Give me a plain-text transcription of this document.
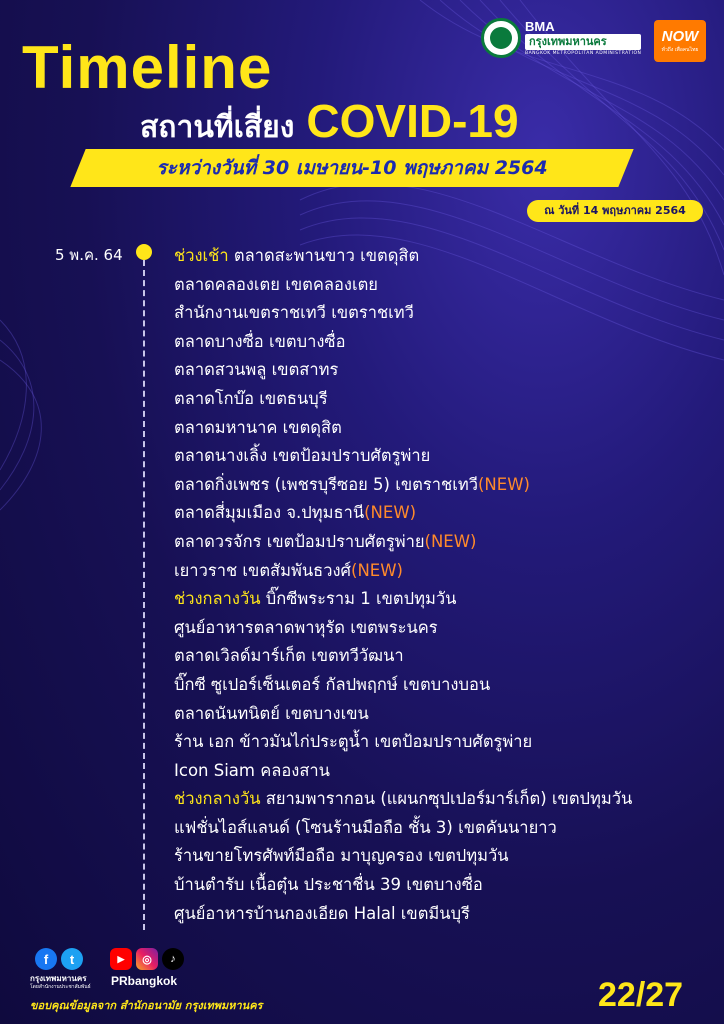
Timeline
สถานที่เสี่ยง COVID-19
ระหว่างวันที่ 30 เมษายน-10 พฤษภาคม 2564
ณ วันที่ 14 พฤษภาคม 2564
BMA
กรุงเทพมหานคร
BANGKOK METROPOLITAN ADMINISTRATION
NOW
ทั่วถึง เพื่อคนไทย
5 พ.ค. 64	ช่วงเช้า ตลาดสะพานขาว เขตดุสิต
ตลาดคลองเตย เขตคลองเตย
สำนักงานเขตราชเทวี เขตราชเทวี
ตลาดบางซื่อ เขตบางซื่อ
ตลาดสวนพลู เขตสาทร
ตลาดโกบ๊อ เขตธนบุรี
ตลาดมหานาค เขตดุสิต
ตลาดนางเลิ้ง เขตป้อมปราบศัตรูพ่าย
ตลาดกิ่งเพชร (เพชรบุรีซอย 5) เขตราชเทวี(NEW)
ตลาดสี่มุมเมือง จ.ปทุมธานี(NEW)
ตลาดวรจักร เขตป้อมปราบศัตรูพ่าย(NEW)
เยาวราช เขตสัมพันธวงศ์(NEW)
ช่วงกลางวัน บิ๊กซีพระราม 1 เขตปทุมวัน
ศูนย์อาหารตลาดพาหุรัด เขตพระนคร
ตลาดเวิลด์มาร์เก็ต เขตทวีวัฒนา
บิ๊กซี ซูเปอร์เซ็นเตอร์ กัลปพฤกษ์ เขตบางบอน
ตลาดนันทนิตย์ เขตบางเขน
ร้าน เอก ข้าวมันไก่ประตูน้ำ เขตป้อมปราบศัตรูพ่าย
Icon Siam คลองสาน
ช่วงกลางวัน สยามพารากอน (แผนกซุปเปอร์มาร์เก็ต) เขตปทุมวัน
แฟชั่นไอส์แลนด์ (โซนร้านมือถือ ชั้น 3) เขตคันนายาว
ร้านขายโทรศัพท์มือถือ มาบุญครอง เขตปทุมวัน
บ้านตำรับ เนื้อตุ๋น ประชาชื่น 39 เขตบางซื่อ
ศูนย์อาหารบ้านกองเอียด Halal เขตมีนบุรี
f	t
กรุงเทพมหานคร
โดยสำนักงานประชาสัมพันธ์
▶	◎	♪
PRbangkok
ขอบคุณข้อมูลจาก สำนักอนามัย กรุงเทพมหานคร	22/27
